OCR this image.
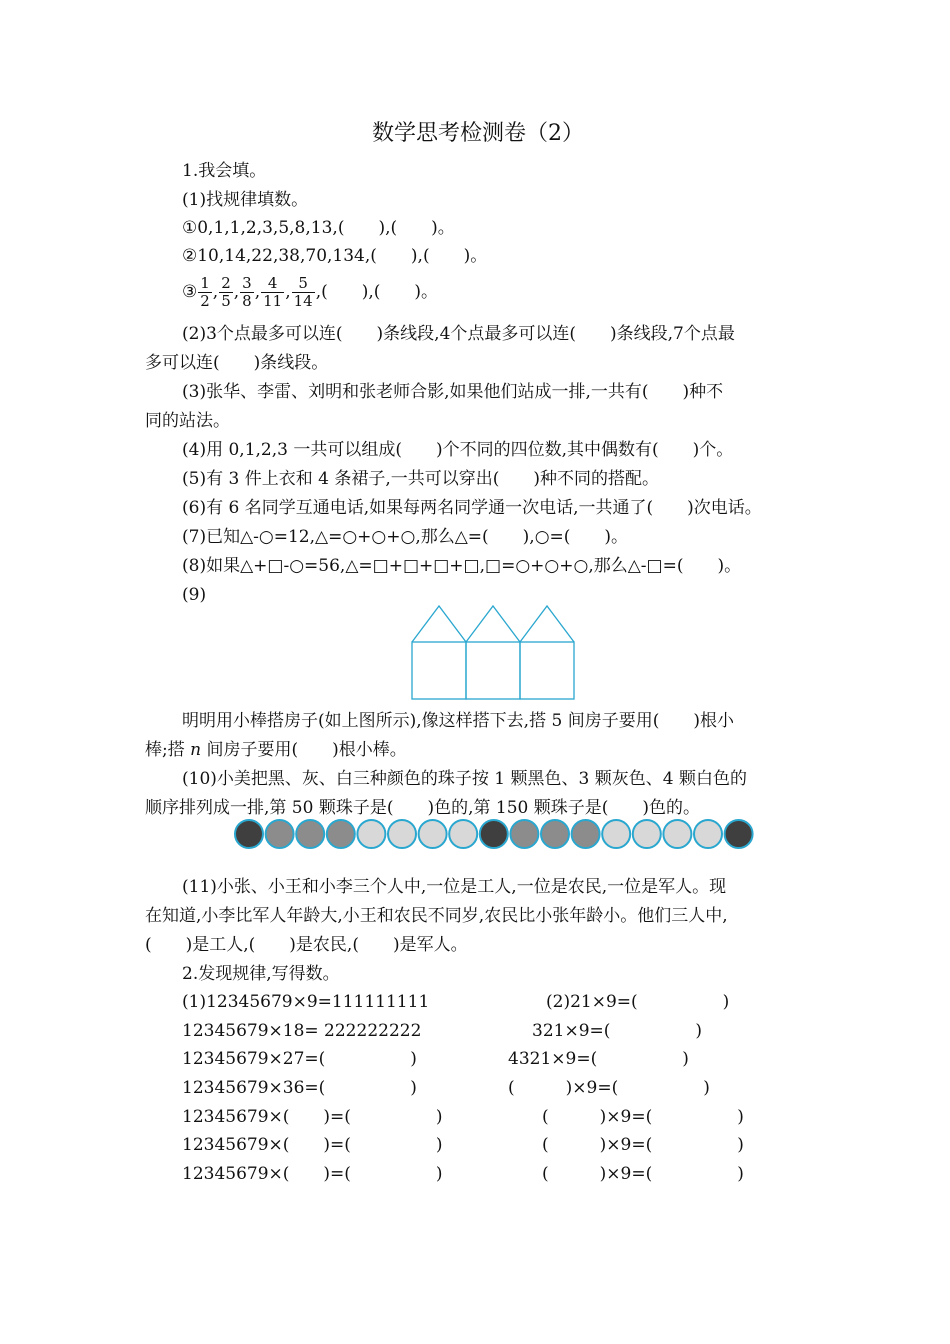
数学思考检测卷（2）
1.我会填。
(1)找规律填数。
①0,1,1,2,3,5,8,13,(　　),(　　)。
②10,14,22,38,70,134,(　　),(　　)。
③ $\frac{1}{2}$ , $\frac{2}{5}$ , $\frac{3}{8}$ , $\frac{4}{11}$ , $\frac{5}{14}$ ,(　　),(　　)。
(2)3个点最多可以连(　　)条线段,4个点最多可以连(　　)条线段,7个点最
多可以连(　　)条线段。
(3)张华、李雷、刘明和张老师合影,如果他们站成一排,一共有(　　)种不
同的站法。
(4)用 0,1,2,3 一共可以组成(　　)个不同的四位数,其中偶数有(　　)个。
(5)有 3 件上衣和 4 条裙子,一共可以穿出(　　)种不同的搭配。
(6)有 6 名同学互通电话,如果每两名同学通一次电话,一共通了(　　)次电话。
(7)已知△-○=12,△=○+○+○,那么△=(　　),○=(　　)。
(8)如果△+□-○=56,△=□+□+□+□,□=○+○+○,那么△-□=(　　)。
(9)
明明用小棒搭房子(如上图所示),像这样搭下去,搭 5 间房子要用(　　)根小
棒;搭 n 间房子要用(　　)根小棒。
(10)小美把黑、灰、白三种颜色的珠子按 1 颗黑色、3 颗灰色、4 颗白色的
顺序排列成一排,第 50 颗珠子是(　　)色的,第 150 颗珠子是(　　)色的。
(11)小张、小王和小李三个人中,一位是工人,一位是农民,一位是军人。现
在知道,小李比军人年龄大,小王和农民不同岁,农民比小张年龄小。他们三人中,
(　　)是工人,(　　)是农民,(　　)是军人。
2.发现规律,写得数。
(1)12345679×9=111111111
12345679×18= 222222222
12345679×27=(　　　　　)
12345679×36=(　　　　　)
12345679×(　　)=(　　　　　)
12345679×(　　)=(　　　　　)
12345679×(　　)=(　　　　　)
(2)21×9=(　　　　　)
321×9=(　　　　　)
4321×9=(　　　　　)
(　　　)×9=(　　　　　)
(　　　)×9=(　　　　　)
(　　　)×9=(　　　　　)
(　　　)×9=(　　　　　)
